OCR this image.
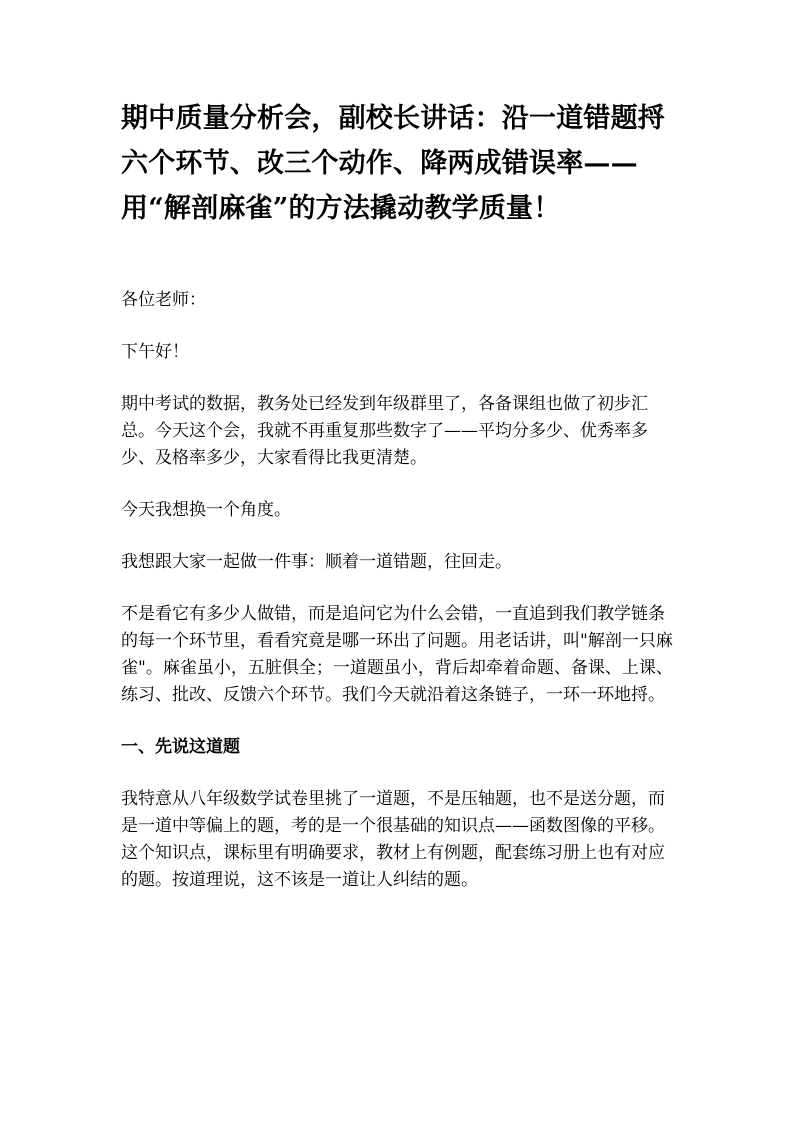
期中质量分析会，副校长讲话：沿一道错题捋六个环节、改三个动作、降两成错误率——用“解剖麻雀”的方法撬动教学质量！

各位老师：

下午好！

期中考试的数据，教务处已经发到年级群里了，各备课组也做了初步汇总。今天这个会，我就不再重复那些数字了——平均分多少、优秀率多少、及格率多少，大家看得比我更清楚。

今天我想换一个角度。

我想跟大家一起做一件事：顺着一道错题，往回走。

不是看它有多少人做错，而是追问它为什么会错，一直追到我们教学链条的每一个环节里，看看究竟是哪一环出了问题。用老话讲，叫"解剖一只麻雀"。麻雀虽小，五脏俱全；一道题虽小，背后却牵着命题、备课、上课、练习、批改、反馈六个环节。我们今天就沿着这条链子，一环一环地捋。

一、先说这道题

我特意从八年级数学试卷里挑了一道题，不是压轴题，也不是送分题，而是一道中等偏上的题，考的是一个很基础的知识点——函数图像的平移。这个知识点，课标里有明确要求，教材上有例题，配套练习册上也有对应的题。按道理说，这不该是一道让人纠结的题。
